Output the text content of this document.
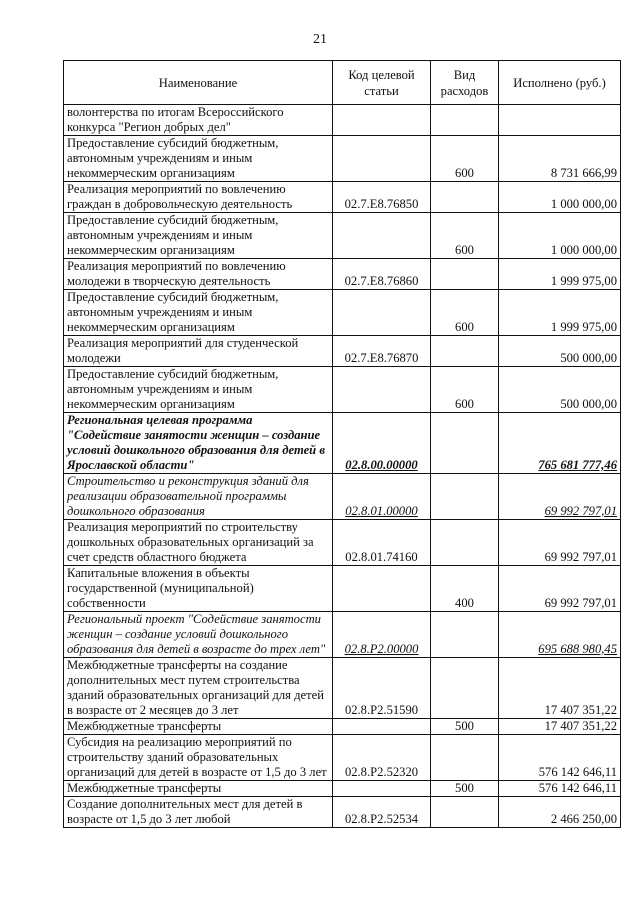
21
Наименование	Код целевой статьи	Вид расходов	Исполнено (руб.)
волонтерства по итогам Всероссийского конкурса "Регион добрых дел"			
Предоставление субсидий бюджетным, автономным учреждениям и иным некоммерческим организациям		600	8 731 666,99
Реализация мероприятий по вовлечению граждан в добровольческую деятельность	02.7.E8.76850		1 000 000,00
Предоставление субсидий бюджетным, автономным учреждениям и иным некоммерческим организациям		600	1 000 000,00
Реализация мероприятий по вовлечению молодежи в творческую деятельность	02.7.E8.76860		1 999 975,00
Предоставление субсидий бюджетным, автономным учреждениям и иным некоммерческим организациям		600	1 999 975,00
Реализация мероприятий для студенческой молодежи	02.7.E8.76870		500 000,00
Предоставление субсидий бюджетным, автономным учреждениям и иным некоммерческим организациям		600	500 000,00
Региональная целевая программа "Содействие занятости женщин – создание условий дошкольного образования для детей в Ярославской области"	02.8.00.00000		765 681 777,46
Строительство и реконструкция зданий для реализации образовательной программы дошкольного образования	02.8.01.00000		69 992 797,01
Реализация мероприятий по строительству дошкольных образовательных организаций за счет средств областного бюджета	02.8.01.74160		69 992 797,01
Капитальные вложения в объекты государственной (муниципальной) собственности		400	69 992 797,01
Региональный проект "Содействие занятости женщин – создание условий дошкольного образования для детей в возрасте до трех лет"	02.8.P2.00000		695 688 980,45
Межбюджетные трансферты на создание дополнительных мест путем строительства зданий образовательных организаций для детей в возрасте от 2 месяцев до 3 лет	02.8.P2.51590		17 407 351,22
Межбюджетные трансферты		500	17 407 351,22
Субсидия на реализацию мероприятий по строительству зданий образовательных организаций для детей в возрасте от 1,5 до 3 лет	02.8.P2.52320		576 142 646,11
Межбюджетные трансферты		500	576 142 646,11
Создание дополнительных мест для детей в возрасте от 1,5 до 3 лет любой	02.8.P2.52534		2 466 250,00
